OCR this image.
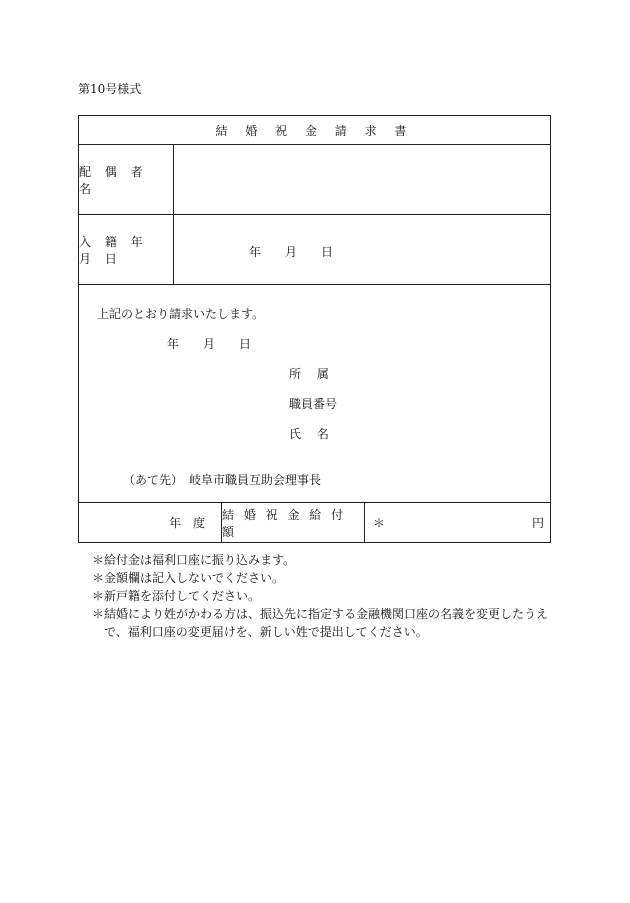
第10号様式
結 婚 祝 金 請 求 書
配 偶 者 名
入 籍 年 月 日	年 月 日
上記のとおり請求いたします。
年 月 日
所　 属
職員番号
氏　 名
（あて先）　岐阜市職員互助会理事長
年　度
結 婚 祝 金 給 付 額
＊	円
＊ 給付金は福利口座に振り込みます。
＊ 金額欄は記入しないでください。
＊ 新戸籍を添付してください。
＊ 結婚により姓がかわる方は、振込先に指定する金融機関口座の名義を変更したうえで、福利口座の変更届けを、新しい姓で提出してください。
